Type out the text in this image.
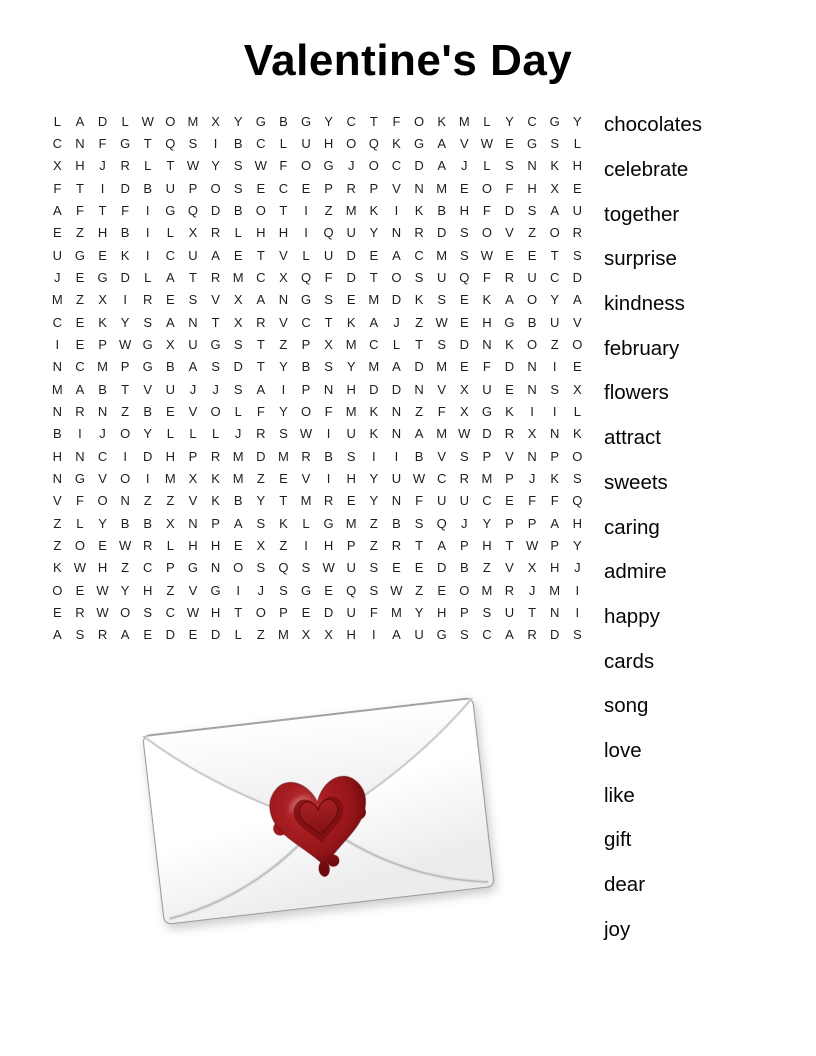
Valentine's Day
L	A	D	L W O M X	Y	G	B	G	Y	C	T	F	O	K M	L	Y	C G	Y
C	N	F	G	T	Q	S	I	B	C	L	U	H O Q	K	G	A	V W E	G	S	L
X	H	J	R	L	T W Y	S W F	O G	J	O C	D	A	J	L	S	N	K	H
F	T	I	D	B	U	P	O	S	E	C	E	P	R	P	V	N M E	O	F	H	X	E
A	F	T	F	I	G Q D	B	O	T	I	Z	M K	I	K	B	H	F	D	S	A	U
E	Z	H	B	I	L	X	R	L	H	H	I	Q U	Y	N	R	D	S	O	V	Z	O R
U G	E	K	I	C	U	A	E	T	V	L	U	D	E	A	C M S W E	E	T	S
J	E	G D	L	A	T	R M C	X	Q	F	D	T	O	S	U Q	F	R	U	C	D
M	Z	X	I	R	E	S	V	X	A	N G	S	E M D	K	S	E	K	A	O	Y	A
C	E	K	Y	S	A	N	T	X	R	V	C	T	K	A	J	Z W E	H G	B	U	V
I	E	P W G	X	U G	S	T	Z	P	X M C	L	T	S	D	N	K	O	Z	O
N	C M P	G	B	A	S	D	T	Y	B	S	Y M A	D M E	F	D	N	I	E
M A	B	T	V	U	J	J	S	A	I	P	N	H	D	D	N	V	X	U	E	N	S	X
N	R	N	Z	B	E	V	O	L	F	Y	O	F	M K	N	Z	F	X	G	K	I	I	L
B	I	J	O	Y	L	L	L	J	R	S W	I	U	K	N	A M W D	R	X	N	K
H	N	C	I	D	H	P	R M D M R	B	S	I	I	B	V	S	P	V	N	P	O
N G	V	O	I	M X	K M	Z	E	V	I	H	Y	U W C	R M P	J	K	S
V	F	O N	Z	Z	V	K	B	Y	T	M R	E	Y	N	F	U	U	C	E	F	F	Q
Z	L	Y	B	B	X	N	P	A	S	K	L	G M	Z	B	S	Q	J	Y	P	P	A	H
Z	O	E W R	L	H	H	E	X	Z	I	H	P	Z	R	T	A	P	H	T W P	Y
K W H	Z	C	P	G N O	S	Q	S W U	S	E	E	D	B	Z	V	X	H	J
O	E W Y	H	Z	V	G	I	J	S	G	E	Q	S W Z	E	O M R	J	M	I
E	R W O	S	C W H	T	O	P	E	D	U	F	M Y	H	P	S	U	T	N	I
A	S	R	A	E	D	E	D	L	Z	M X	X	H	I	A	U G	S	C	A	R	D	S
chocolates
celebrate
together
surprise
kindness
february
flowers
attract
sweets
caring
admire
happy
cards
song
love
like
gift
dear
joy
